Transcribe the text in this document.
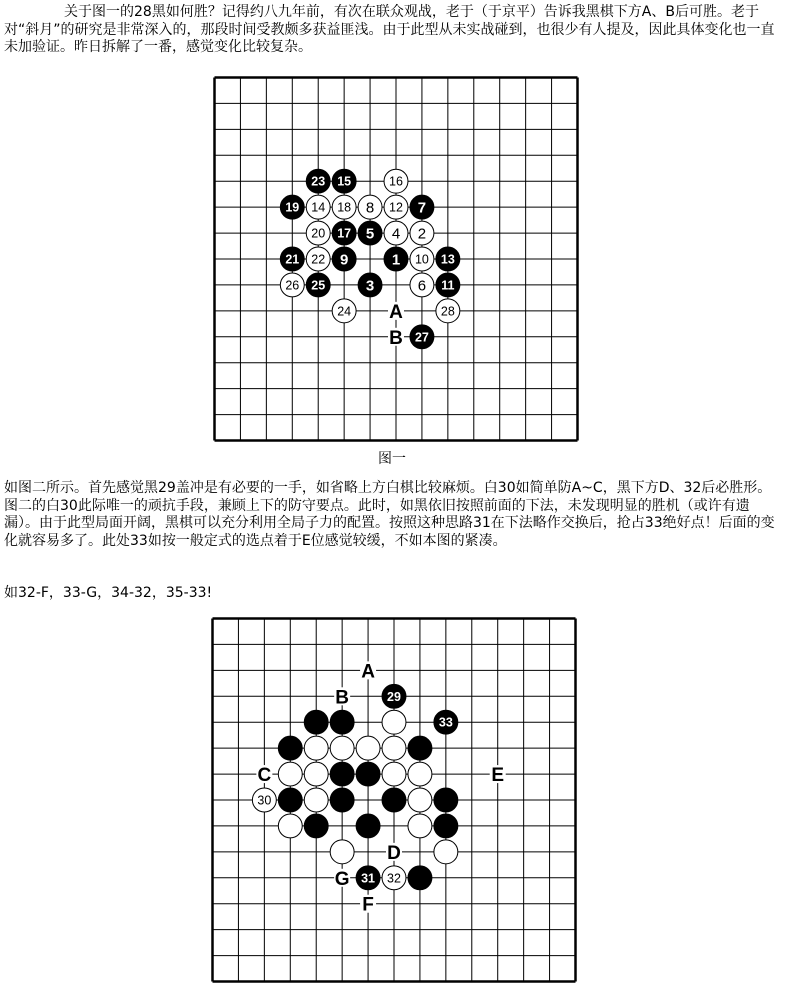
关于图一的28黑如何胜？记得约八九年前，有次在联众观战，老于（于京平）告诉我黑棋下方A、B后可胜。老于对“斜月”的研究是非常深入的，那段时间受教颇多获益匪浅。由于此型从未实战碰到，也很少有人提及，因此具体变化也一直未加验证。昨日拆解了一番，感觉变化比较复杂。

A
B
23 15	16
19 14 18 8 12 7
20 17 5 4 2
21 22 9	1 10 13
26 25	3	6 11
24	28
27
图一

如图二所示。首先感觉黑29盖冲是有必要的一手，如省略上方白棋比较麻烦。白30如简单防A~C，黑下方D、32后必胜形。图二的白30此际唯一的顽抗手段，兼顾上下的防守要点。此时，如黑依旧按照前面的下法，未发现明显的胜机（或许有遗漏）。由于此型局面开阔，黑棋可以充分利用全局子力的配置。按照这种思路31在下法略作交换后，抢占33绝好点！后面的变化就容易多了。此处33如按一般定式的选点着于E位感觉较缓，不如本图的紧凑。

如32-F，33-G，34-32，35-33!

A
B
C	E
D
G
F
29
33
30
31 32
